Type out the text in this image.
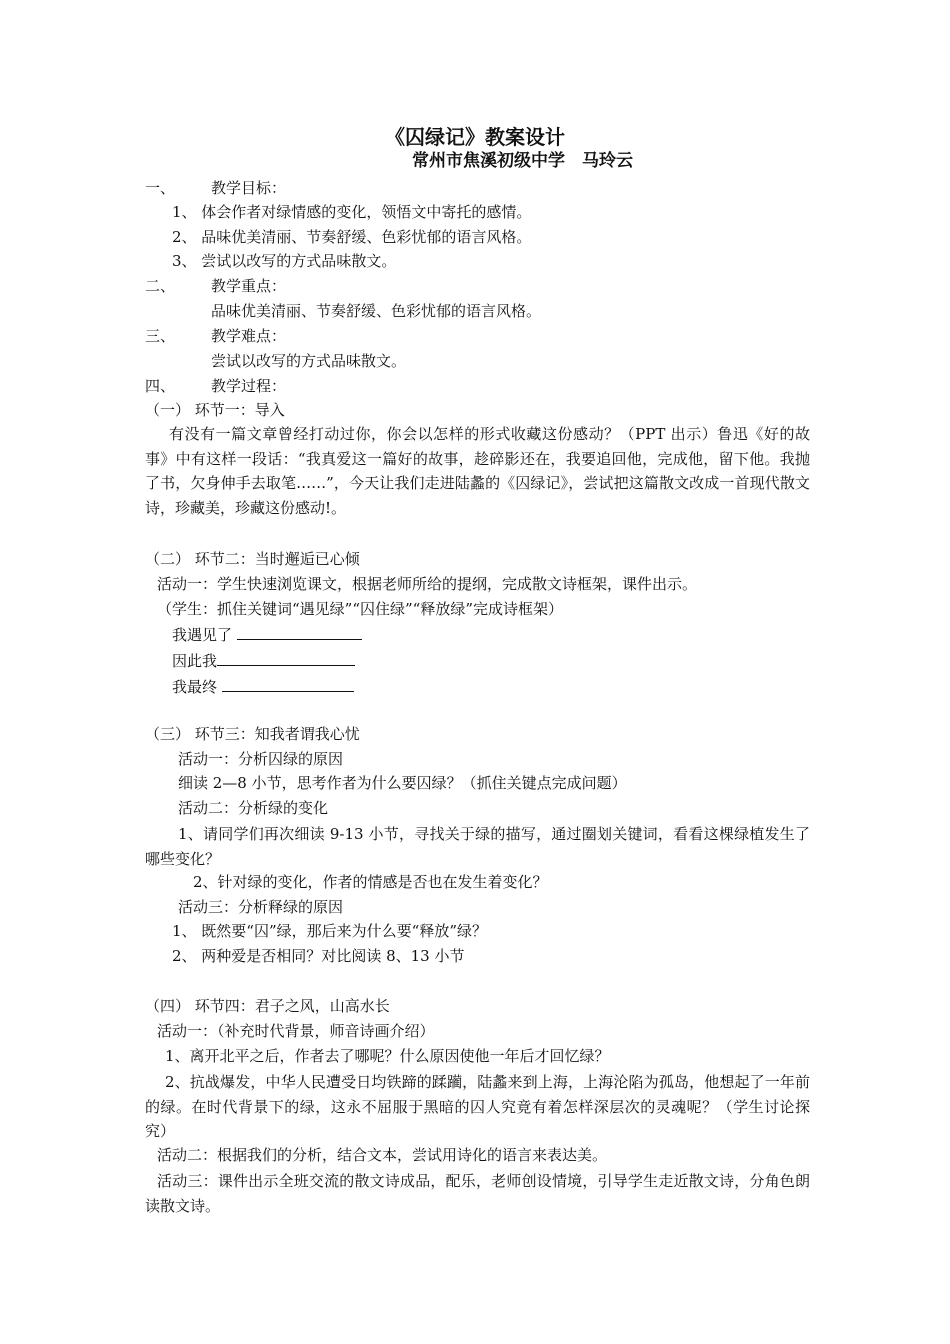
《囚绿记》教案设计
常州市焦溪初级中学　马玲云
一、 教学目标：
1、 体会作者对绿情感的变化，领悟文中寄托的感情。
2、 品味优美清丽、节奏舒缓、色彩忧郁的语言风格。
3、 尝试以改写的方式品味散文。
二、 教学重点：
品味优美清丽、节奏舒缓、色彩忧郁的语言风格。
三、 教学难点：
尝试以改写的方式品味散文。
四、 教学过程：
（一） 环节一：导入
有没有一篇文章曾经打动过你，你会以怎样的形式收藏这份感动？（PPT 出示）鲁迅《好的故事》中有这样一段话：“我真爱这一篇好的故事，趁碎影还在，我要追回他，完成他，留下他。我抛了书，欠身伸手去取笔……”，今天让我们走进陆蠡的《囚绿记》，尝试把这篇散文改成一首现代散文诗，珍藏美，珍藏这份感动!。
（二） 环节二：当时邂逅已心倾
活动一：学生快速浏览课文，根据老师所给的提纲，完成散文诗框架，课件出示。
（学生：抓住关键词“遇见绿”“囚住绿”“释放绿”完成诗框架）
我遇见了
因此我
我最终
（三） 环节三：知我者谓我心忧
活动一：分析囚绿的原因
细读 2—8 小节，思考作者为什么要囚绿？（抓住关键点完成问题）
活动二：分析绿的变化
1、请同学们再次细读 9-13 小节，寻找关于绿的描写，通过圈划关键词，看看这棵绿植发生了哪些变化？
2、针对绿的变化，作者的情感是否也在发生着变化？
活动三：分析释绿的原因
1、 既然要“囚”绿，那后来为什么要“释放”绿？
2、 两种爱是否相同？对比阅读 8、13 小节
（四） 环节四：君子之风，山高水长
活动一：（补充时代背景，师音诗画介绍）
1、离开北平之后，作者去了哪呢？什么原因使他一年后才回忆绿？
2、抗战爆发，中华人民遭受日均铁蹄的蹂躏，陆蠡来到上海，上海沦陷为孤岛，他想起了一年前的绿。在时代背景下的绿，这永不屈服于黑暗的囚人究竟有着怎样深层次的灵魂呢？（学生讨论探究）
活动二：根据我们的分析，结合文本，尝试用诗化的语言来表达美。
活动三：课件出示全班交流的散文诗成品，配乐，老师创设情境，引导学生走近散文诗，分角色朗读散文诗。
